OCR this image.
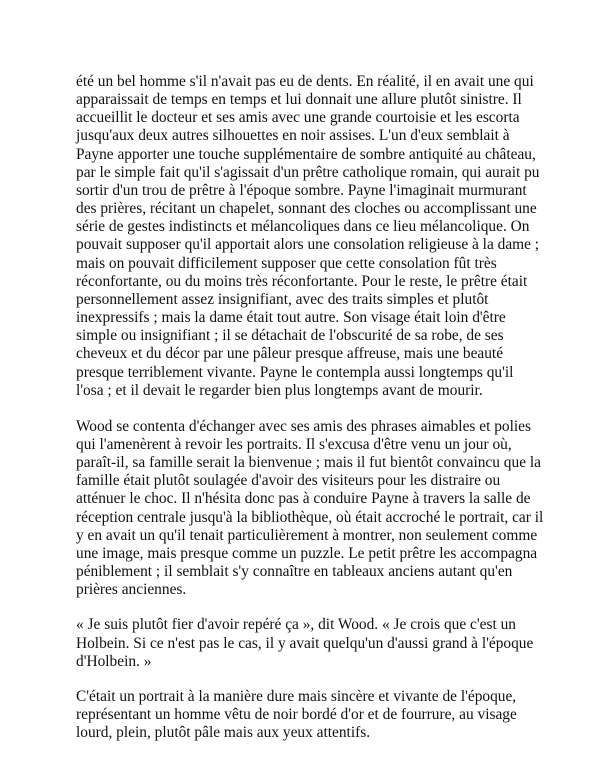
été un bel homme s'il n'avait pas eu de dents. En réalité, il en avait une qui
apparaissait de temps en temps et lui donnait une allure plutôt sinistre. Il
accueillit le docteur et ses amis avec une grande courtoisie et les escorta
jusqu'aux deux autres silhouettes en noir assises. L'un d'eux semblait à
Payne apporter une touche supplémentaire de sombre antiquité au château,
par le simple fait qu'il s'agissait d'un prêtre catholique romain, qui aurait pu
sortir d'un trou de prêtre à l'époque sombre. Payne l'imaginait murmurant
des prières, récitant un chapelet, sonnant des cloches ou accomplissant une
série de gestes indistincts et mélancoliques dans ce lieu mélancolique. On
pouvait supposer qu'il apportait alors une consolation religieuse à la dame ;
mais on pouvait difficilement supposer que cette consolation fût très
réconfortante, ou du moins très réconfortante. Pour le reste, le prêtre était
personnellement assez insignifiant, avec des traits simples et plutôt
inexpressifs ; mais la dame était tout autre. Son visage était loin d'être
simple ou insignifiant ; il se détachait de l'obscurité de sa robe, de ses
cheveux et du décor par une pâleur presque affreuse, mais une beauté
presque terriblement vivante. Payne le contempla aussi longtemps qu'il
l'osa ; et il devait le regarder bien plus longtemps avant de mourir.

Wood se contenta d'échanger avec ses amis des phrases aimables et polies
qui l'amenèrent à revoir les portraits. Il s'excusa d'être venu un jour où,
paraît-il, sa famille serait la bienvenue ; mais il fut bientôt convaincu que la
famille était plutôt soulagée d'avoir des visiteurs pour les distraire ou
atténuer le choc. Il n'hésita donc pas à conduire Payne à travers la salle de
réception centrale jusqu'à la bibliothèque, où était accroché le portrait, car il
y en avait un qu'il tenait particulièrement à montrer, non seulement comme
une image, mais presque comme un puzzle. Le petit prêtre les accompagna
péniblement ; il semblait s'y connaître en tableaux anciens autant qu'en
prières anciennes.

« Je suis plutôt fier d'avoir repéré ça », dit Wood. « Je crois que c'est un
Holbein. Si ce n'est pas le cas, il y avait quelqu'un d'aussi grand à l'époque
d'Holbein. »

C'était un portrait à la manière dure mais sincère et vivante de l'époque,
représentant un homme vêtu de noir bordé d'or et de fourrure, au visage
lourd, plein, plutôt pâle mais aux yeux attentifs.
